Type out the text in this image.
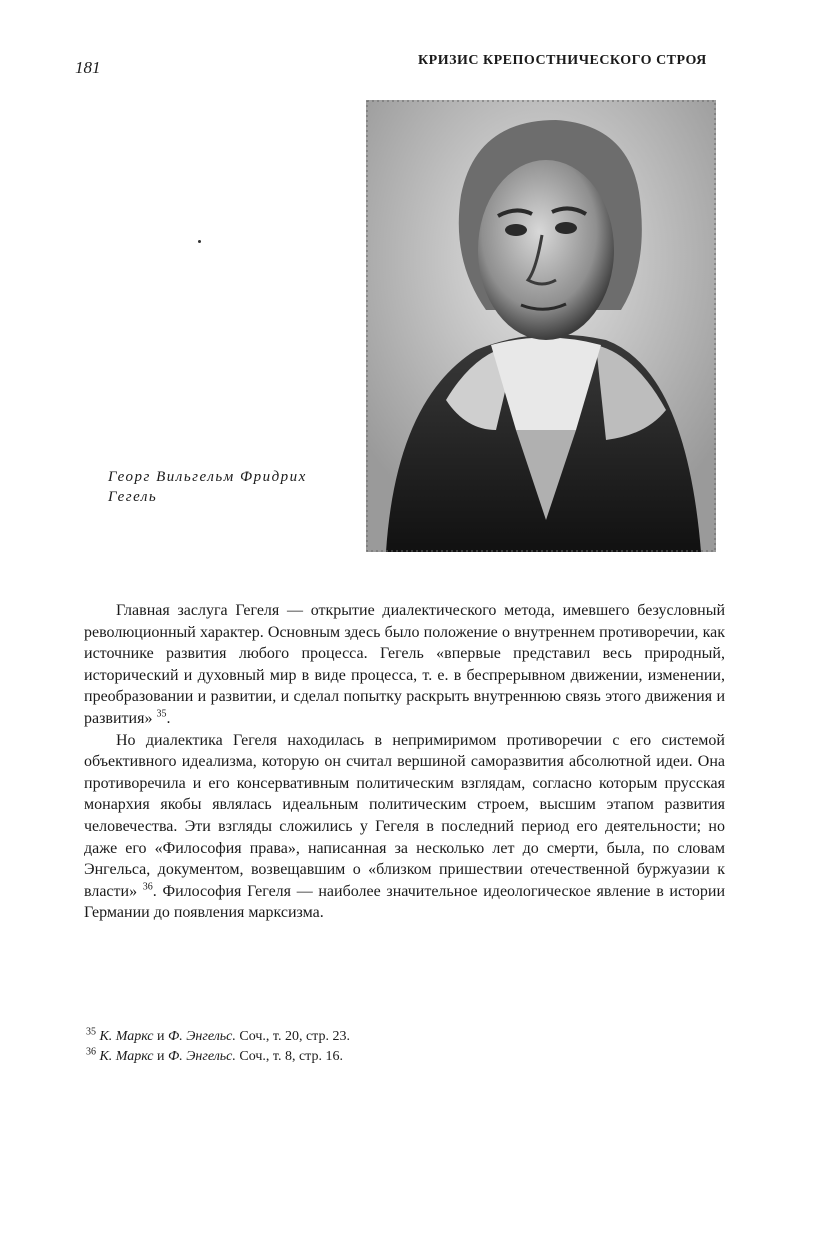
181	КРИЗИС КРЕПОСТНИЧЕСКОГО СТРОЯ
Георг Вильгельм Фридрих
Гегель

Главная заслуга Гегеля — открытие диалектического метода, имевшего безусловный революционный характер. Основным здесь было положение о внутреннем противоречии, как источнике развития любого процесса. Гегель «впервые представил весь природный, исторический и духовный мир в виде процесса, т. е. в беспрерывном движении, изменении, преобразовании и развитии, и сделал попытку раскрыть внутреннюю связь этого движения и развития» $^{35}$.

Но диалектика Гегеля находилась в непримиримом противоречии с его системой объективного идеализма, которую он считал вершиной саморазвития абсолютной идеи. Она противоречила и его консервативным политическим взглядам, согласно которым прусская монархия якобы являлась идеальным политическим строем, высшим этапом развития человечества. Эти взгляды сложились у Гегеля в последний период его деятельности; но даже его «Философия права», написанная за несколько лет до смерти, была, по словам Энгельса, документом, возвещавшим о «близком пришествии отечественной буржуазии к власти» $^{36}$. Философия Гегеля — наиболее значительное идеологическое явление в истории Германии до появления марксизма.

$^{35}$ К. Маркс и Ф. Энгельс. Соч., т. 20, стр. 23.

$^{36}$ К. Маркс и Ф. Энгельс. Соч., т. 8, стр. 16.
